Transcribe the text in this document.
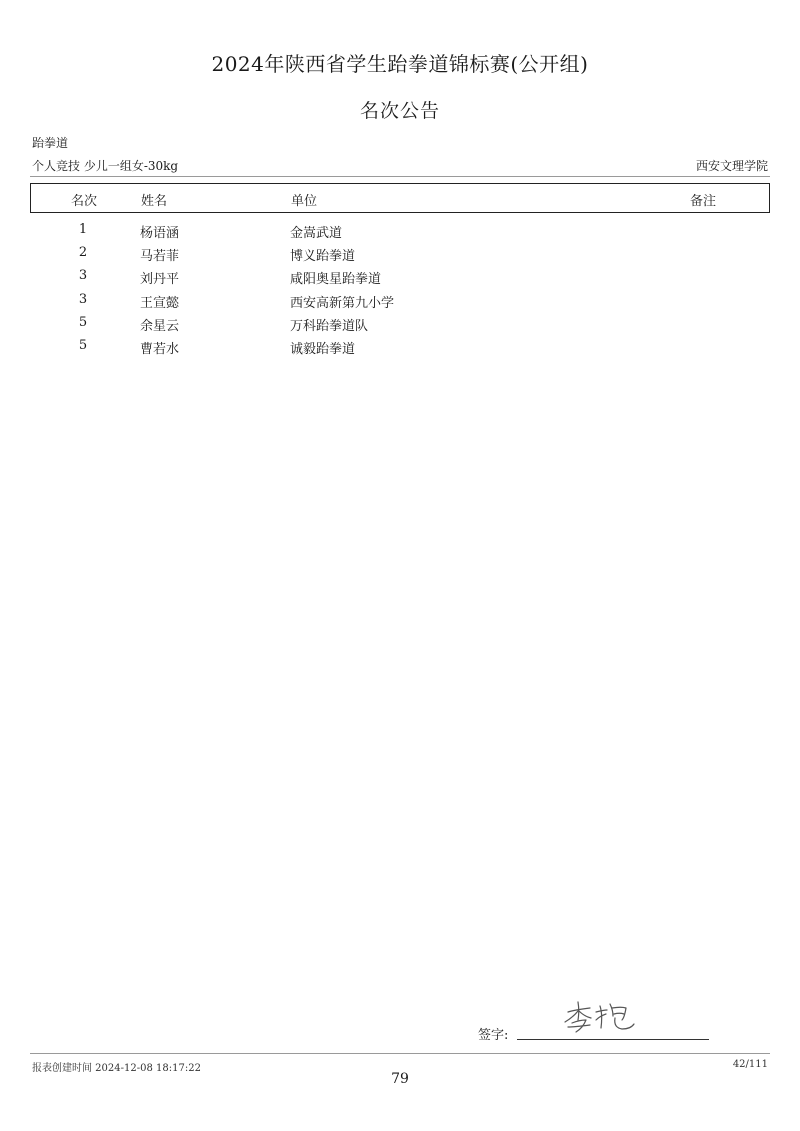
2024年陕西省学生跆拳道锦标赛(公开组)
名次公告
跆拳道
个人竞技 少儿一组女-30kg	西安文理学院
名次	姓名	单位	备注
1	杨语涵	金嵩武道
2	马若菲	博义跆拳道
3	刘丹平	咸阳奥星跆拳道
3	王宣懿	西安高新第九小学
5	余星云	万科跆拳道队
5	曹若水	诚毅跆拳道
签字:
报表创建时间 2024-12-08 18:17:22	42/111
79
